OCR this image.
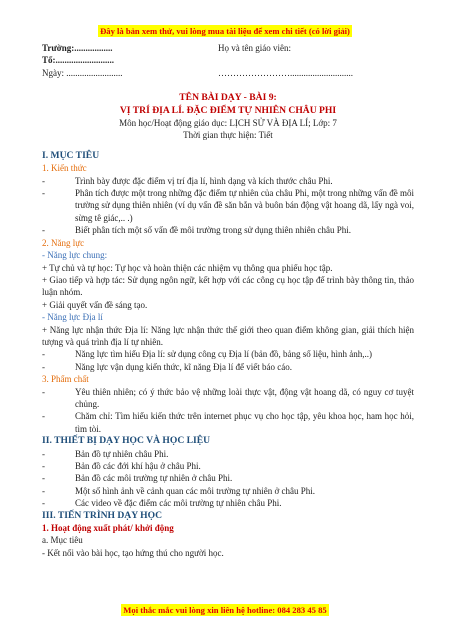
Đây là bản xem thử, vui lòng mua tài liệu để xem chi tiết (có lời giải)
Trường:.................	Họ và tên giáo viên:
Tổ:..........................
Ngày: .........................	……………………............................
TÊN BÀI DẠY - BÀI 9:
VỊ TRÍ ĐỊA LÍ. ĐẶC ĐIỂM TỰ NHIÊN CHÂU PHI
Môn học/Hoạt động giáo dục: LỊCH SỬ VÀ ĐỊA LÍ; Lớp: 7
Thời gian thực hiện: Tiết
I. MỤC TIÊU
1. Kiến thức
-	Trình bày được đặc điểm vị trí địa lí, hình dạng và kích thước châu Phi.
-	Phân tích được một trong những đặc điểm tự nhiên của châu Phi, một trong những vấn đề môi trường sử dụng thiên nhiên (ví dụ vấn đề săn bắn và buôn bán động vật hoang dã, lấy ngà voi, sừng tê giác,.. .)
-	Biết phân tích một số vấn đề môi trường trong sử dụng thiên nhiên châu Phi.
2. Năng lực
- Năng lực chung:

+ Tự chủ và tự học: Tự học và hoàn thiện các nhiệm vụ thông qua phiếu học tập.

+ Giao tiếp và hợp tác: Sử dụng ngôn ngữ, kết hợp với các công cụ học tập để trình bày thông tin, thảo luận nhóm.

+ Giải quyết vấn đề sáng tạo.

- Năng lực Địa lí

+ Năng lực nhận thức Địa lí: Năng lực nhận thức thế giới theo quan điểm không gian, giải thích hiện tượng và quá trình địa lí tự nhiên.

-	Năng lực tìm hiểu Địa lí: sử dụng công cụ Địa lí (bản đồ, bảng số liệu, hình ảnh,..)
-	Năng lực vận dụng kiến thức, kĩ năng Địa lí để viết báo cáo.
3. Phẩm chất
-	Yêu thiên nhiên; có ý thức bảo vệ những loài thực vật, động vật hoang dã, có nguy cơ tuyệt chủng.
-	Chăm chỉ: Tìm hiểu kiến thức trên internet phục vụ cho học tập, yêu khoa học, ham học hỏi, tìm tòi.
II. THIẾT BỊ DẠY HỌC VÀ HỌC LIỆU
-	Bản đồ tự nhiên châu Phi.
-	Bản đồ các đới khí hậu ở châu Phi.
-	Bản đồ các môi trường tự nhiên ở châu Phi.
-	Một số hình ảnh về cảnh quan các môi trường tự nhiên ở châu Phi.
-	Các video về đặc điểm các môi trường tự nhiên châu Phi.
III. TIẾN TRÌNH DẠY HỌC
1. Hoạt động xuất phát/ khởi động
a. Mục tiêu
- Kết nối vào bài học, tạo hứng thú cho người học.
Mọi thắc mắc vui lòng xin liên hệ hotline: 084 283 45 85
